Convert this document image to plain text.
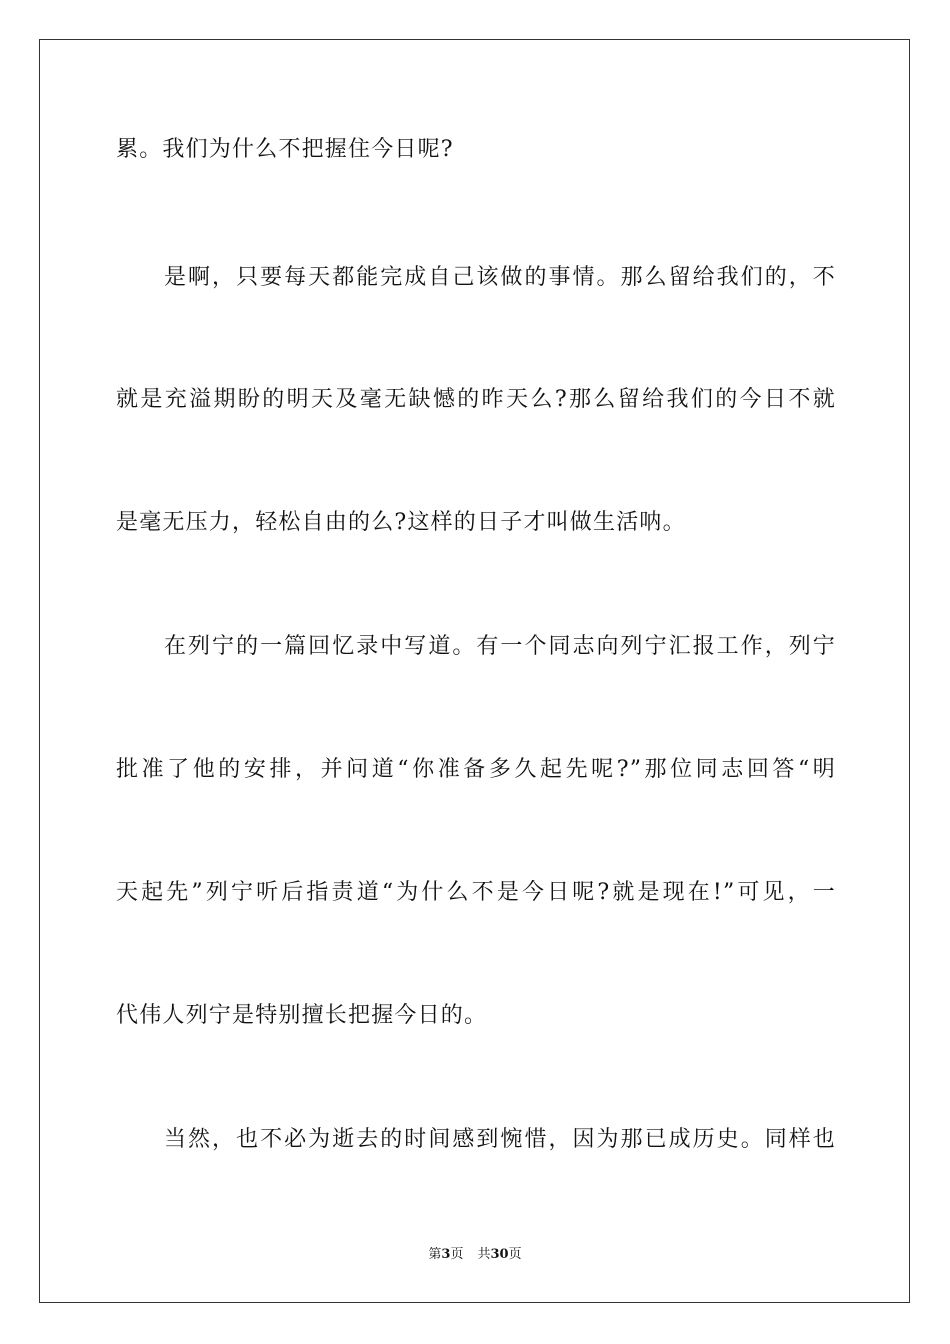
累。我们为什么不把握住今日呢?
是啊，只要每天都能完成自己该做的事情。那么留给我们的，不
就是充溢期盼的明天及毫无缺憾的昨天么?那么留给我们的今日不就
是毫无压力，轻松自由的么?这样的日子才叫做生活呐。
在列宁的一篇回忆录中写道。有一个同志向列宁汇报工作，列宁
批准了他的安排，并问道“你准备多久起先呢?”那位同志回答“明
天起先”列宁听后指责道“为什么不是今日呢?就是现在!”可见，一
代伟人列宁是特别擅长把握今日的。
当然，也不必为逝去的时间感到惋惜，因为那已成历史。同样也
第3页 共30页
